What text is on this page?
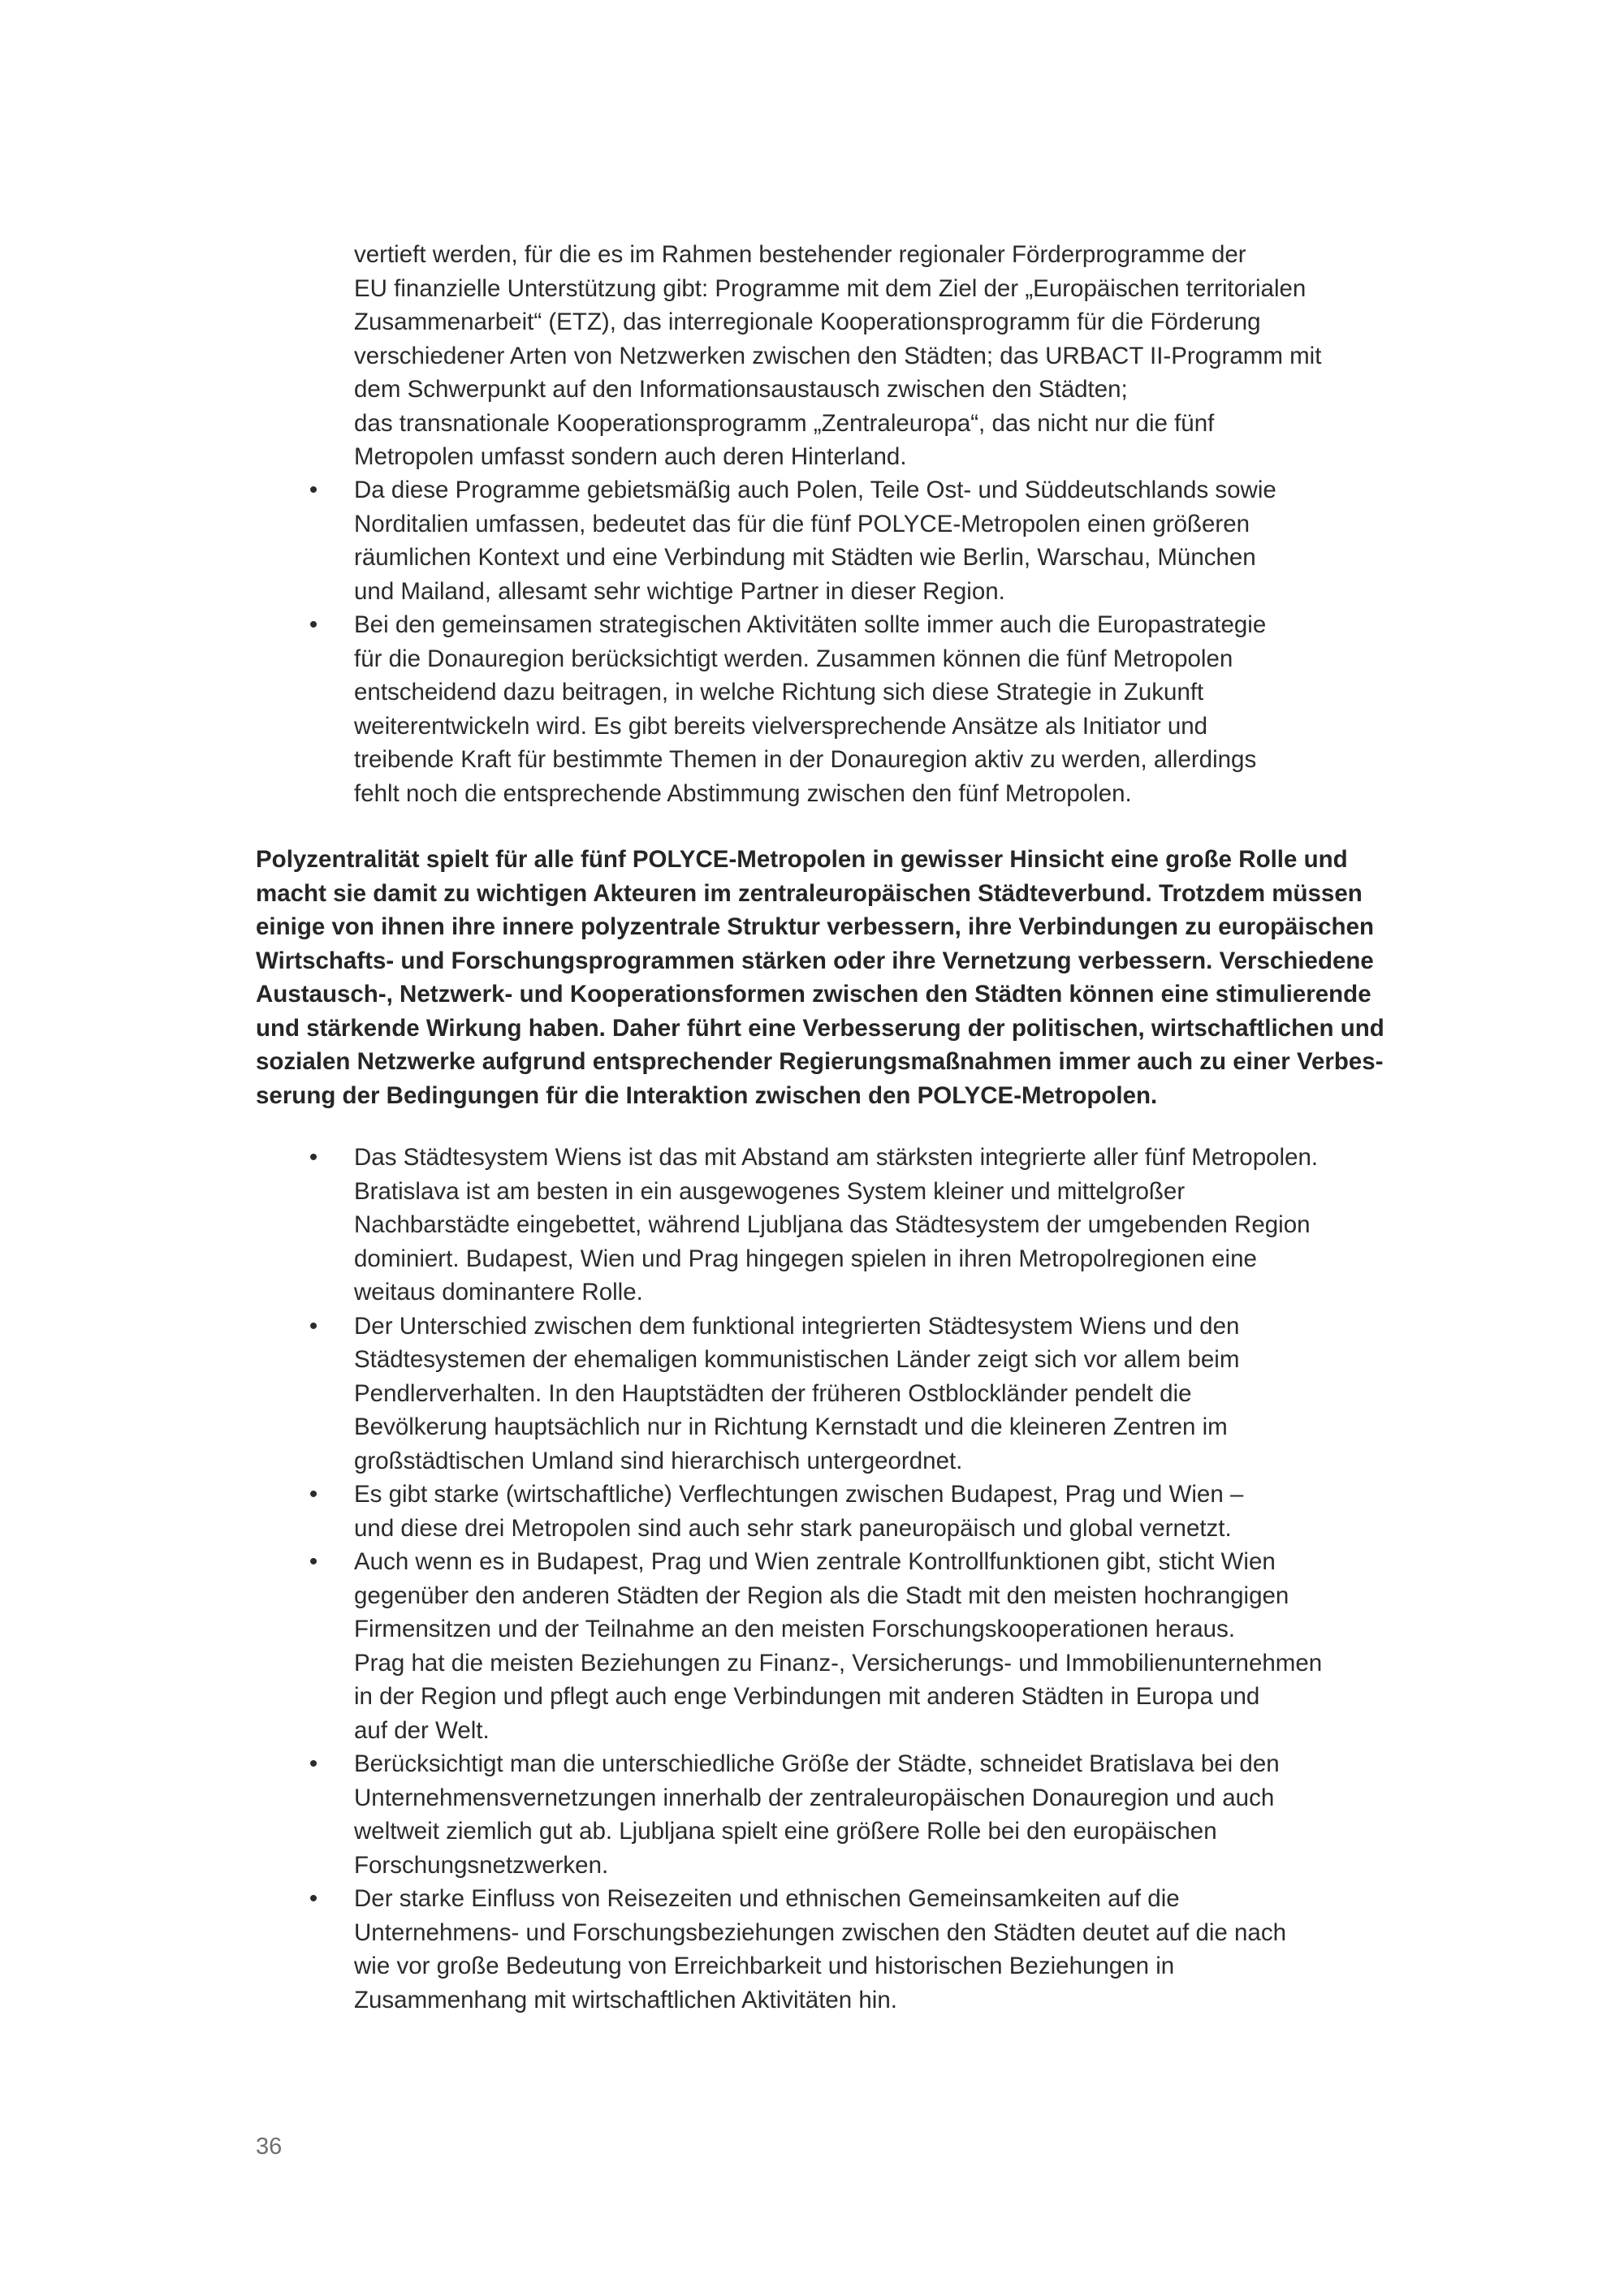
vertieft werden, für die es im Rahmen bestehender regionaler Förderprogramme der
EU finanzielle Unterstützung gibt: Programme mit dem Ziel der „Europäischen territorialen
Zusammenarbeit“ (ETZ), das interregionale Kooperationsprogramm für die Förderung
verschiedener Arten von Netzwerken zwischen den Städten; das URBACT II-Programm mit
dem Schwerpunkt auf den Informationsaustausch zwischen den Städten;
das transnationale Kooperationsprogramm „Zentraleuropa“, das nicht nur die fünf
Metropolen umfasst sondern auch deren Hinterland.

• Da diese Programme gebietsmäßig auch Polen, Teile Ost- und Süddeutschlands sowie
Norditalien umfassen, bedeutet das für die fünf POLYCE-Metropolen einen größeren
räumlichen Kontext und eine Verbindung mit Städten wie Berlin, Warschau, München
und Mailand, allesamt sehr wichtige Partner in dieser Region.
• Bei den gemeinsamen strategischen Aktivitäten sollte immer auch die Europastrategie
für die Donauregion berücksichtigt werden. Zusammen können die fünf Metropolen
entscheidend dazu beitragen, in welche Richtung sich diese Strategie in Zukunft
weiterentwickeln wird. Es gibt bereits vielversprechende Ansätze als Initiator und
treibende Kraft für bestimmte Themen in der Donauregion aktiv zu werden, allerdings
fehlt noch die entsprechende Abstimmung zwischen den fünf Metropolen.

Polyzentralität spielt für alle fünf POLYCE-Metropolen in gewisser Hinsicht eine große Rolle und
macht sie damit zu wichtigen Akteuren im zentraleuropäischen Städteverbund. Trotzdem müssen
einige von ihnen ihre innere polyzentrale Struktur verbessern, ihre Verbindungen zu europäischen
Wirtschafts- und Forschungsprogrammen stärken oder ihre Vernetzung verbessern. Verschiedene
Austausch-, Netzwerk- und Kooperationsformen zwischen den Städten können eine stimulierende
und stärkende Wirkung haben. Daher führt eine Verbesserung der politischen, wirtschaftlichen und
sozialen Netzwerke aufgrund entsprechender Regierungsmaßnahmen immer auch zu einer Verbes-
serung der Bedingungen für die Interaktion zwischen den POLYCE-Metropolen.

• Das Städtesystem Wiens ist das mit Abstand am stärksten integrierte aller fünf Metropolen.
Bratislava ist am besten in ein ausgewogenes System kleiner und mittelgroßer
Nachbarstädte eingebettet, während Ljubljana das Städtesystem der umgebenden Region
dominiert. Budapest, Wien und Prag hingegen spielen in ihren Metropolregionen eine
weitaus dominantere Rolle.
• Der Unterschied zwischen dem funktional integrierten Städtesystem Wiens und den
Städtesystemen der ehemaligen kommunistischen Länder zeigt sich vor allem beim
Pendlerverhalten. In den Hauptstädten der früheren Ostblockländer pendelt die
Bevölkerung hauptsächlich nur in Richtung Kernstadt und die kleineren Zentren im
großstädtischen Umland sind hierarchisch untergeordnet.
• Es gibt starke (wirtschaftliche) Verflechtungen zwischen Budapest, Prag und Wien –
und diese drei Metropolen sind auch sehr stark paneuropäisch und global vernetzt.
• Auch wenn es in Budapest, Prag und Wien zentrale Kontrollfunktionen gibt, sticht Wien
gegenüber den anderen Städten der Region als die Stadt mit den meisten hochrangigen
Firmensitzen und der Teilnahme an den meisten Forschungskooperationen heraus.
Prag hat die meisten Beziehungen zu Finanz-, Versicherungs- und Immobilienunternehmen
in der Region und pflegt auch enge Verbindungen mit anderen Städten in Europa und
auf der Welt.
• Berücksichtigt man die unterschiedliche Größe der Städte, schneidet Bratislava bei den
Unternehmensvernetzungen innerhalb der zentraleuropäischen Donauregion und auch
weltweit ziemlich gut ab. Ljubljana spielt eine größere Rolle bei den europäischen
Forschungsnetzwerken.
• Der starke Einfluss von Reisezeiten und ethnischen Gemeinsamkeiten auf die
Unternehmens- und Forschungsbeziehungen zwischen den Städten deutet auf die nach
wie vor große Bedeutung von Erreichbarkeit und historischen Beziehungen in
Zusammenhang mit wirtschaftlichen Aktivitäten hin.

36
